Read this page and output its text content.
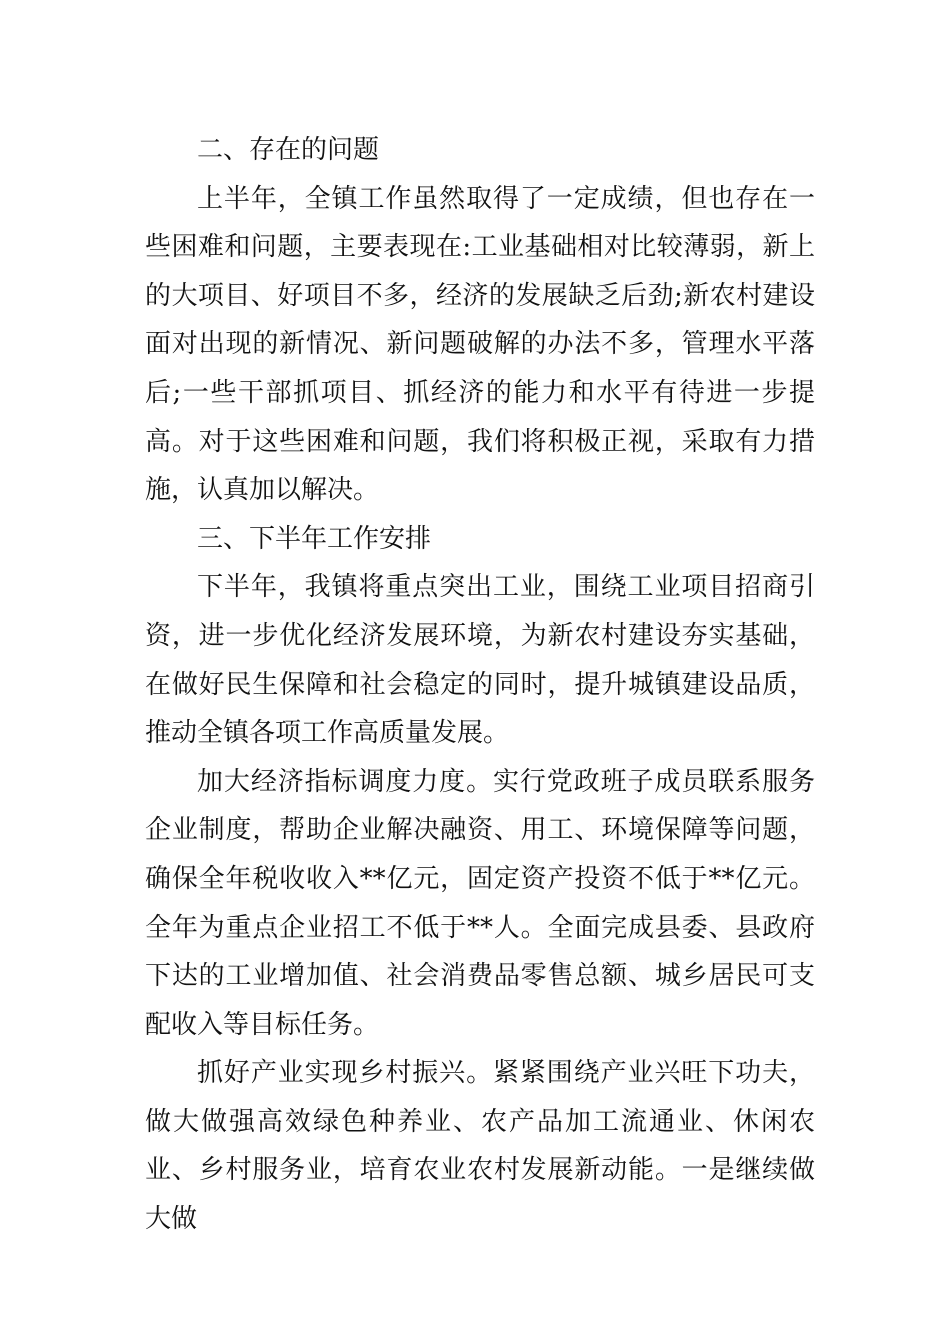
二、存在的问题

上半年，全镇工作虽然取得了一定成绩，但也存在一些困难和问题，主要表现在:工业基础相对比较薄弱，新上的大项目、好项目不多，经济的发展缺乏后劲;新农村建设面对出现的新情况、新问题破解的办法不多，管理水平落后;一些干部抓项目、抓经济的能力和水平有待进一步提高。对于这些困难和问题，我们将积极正视，采取有力措施，认真加以解决。

三、下半年工作安排

下半年，我镇将重点突出工业，围绕工业项目招商引资，进一步优化经济发展环境，为新农村建设夯实基础，在做好民生保障和社会稳定的同时，提升城镇建设品质，推动全镇各项工作高质量发展。

加大经济指标调度力度。实行党政班子成员联系服务企业制度，帮助企业解决融资、用工、环境保障等问题，确保全年税收收入**亿元，固定资产投资不低于**亿元。全年为重点企业招工不低于**人。全面完成县委、县政府下达的工业增加值、社会消费品零售总额、城乡居民可支配收入等目标任务。

抓好产业实现乡村振兴。紧紧围绕产业兴旺下功夫，做大做强高效绿色种养业、农产品加工流通业、休闲农业、乡村服务业，培育农业农村发展新动能。一是继续做大做
